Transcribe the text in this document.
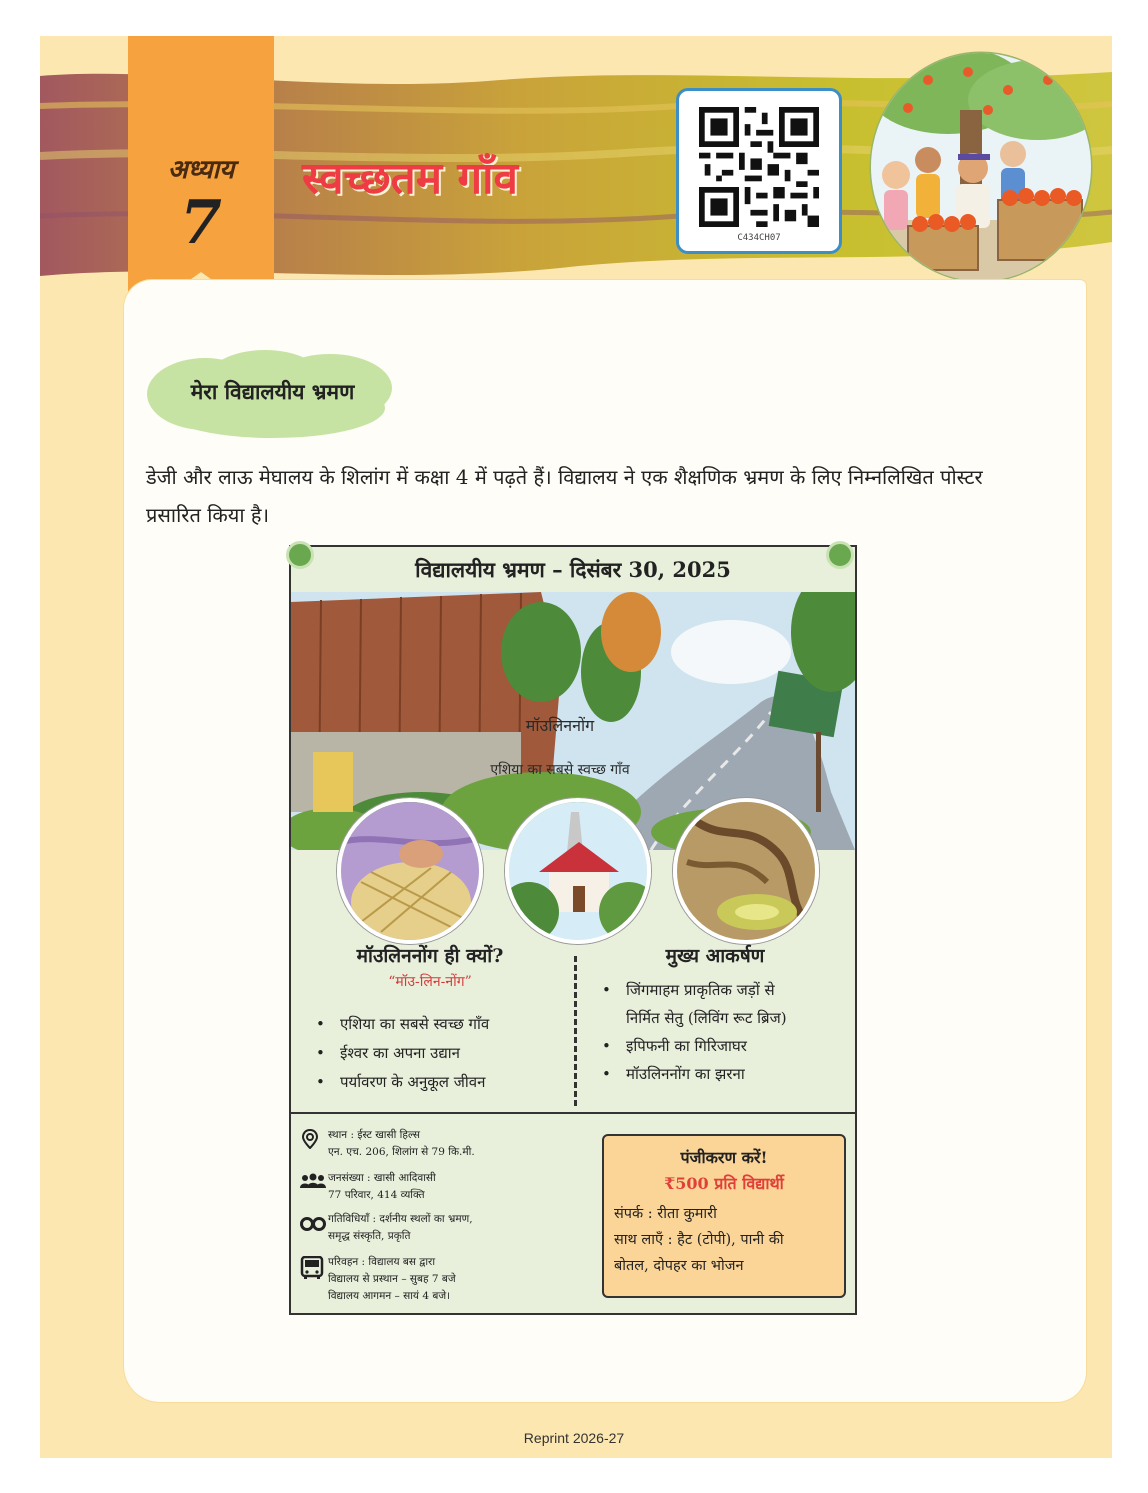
अध्याय
7
स्वच्छतम गाँव
C434CH07
मेरा विद्यालयीय भ्रमण
डेजी और लाऊ मेघालय के शिलांग में कक्षा 4 में पढ़ते हैं। विद्यालय ने एक शैक्षणिक भ्रमण के लिए निम्नलिखित पोस्टर प्रसारित किया है।
विद्यालयीय भ्रमण – दिसंबर 30, 2025
मॉउलिननोंग
एशिया का सबसे स्वच्छ गाँव
मॉउलिननोंग ही क्यों?
“मॉउ-लिन-नोंग”
• एशिया का सबसे स्वच्छ गाँव
• ईश्वर का अपना उद्यान
• पर्यावरण के अनुकूल जीवन
मुख्य आकर्षण
• जिंगमाहम प्राकृतिक जड़ों से
निर्मित सेतु (लिविंग रूट ब्रिज)
• इपिफनी का गिरिजाघर
• मॉउलिननोंग का झरना
स्थान : ईस्ट खासी हिल्स
एन. एच. 206, शिलांग से 79 कि.मी.
जनसंख्या : खासी आदिवासी
77 परिवार, 414 व्यक्ति
गतिविधियाँ : दर्शनीय स्थलों का भ्रमण,
समृद्ध संस्कृति, प्रकृति
परिवहन : विद्यालय बस द्वारा
विद्यालय से प्रस्थान – सुबह 7 बजे
विद्यालय आगमन – सायं 4 बजे।
पंजीकरण करें!
₹500 प्रति विद्यार्थी
संपर्क : रीता कुमारी
साथ लाएँ : हैट (टोपी), पानी की
बोतल, दोपहर का भोजन
Reprint 2026-27
